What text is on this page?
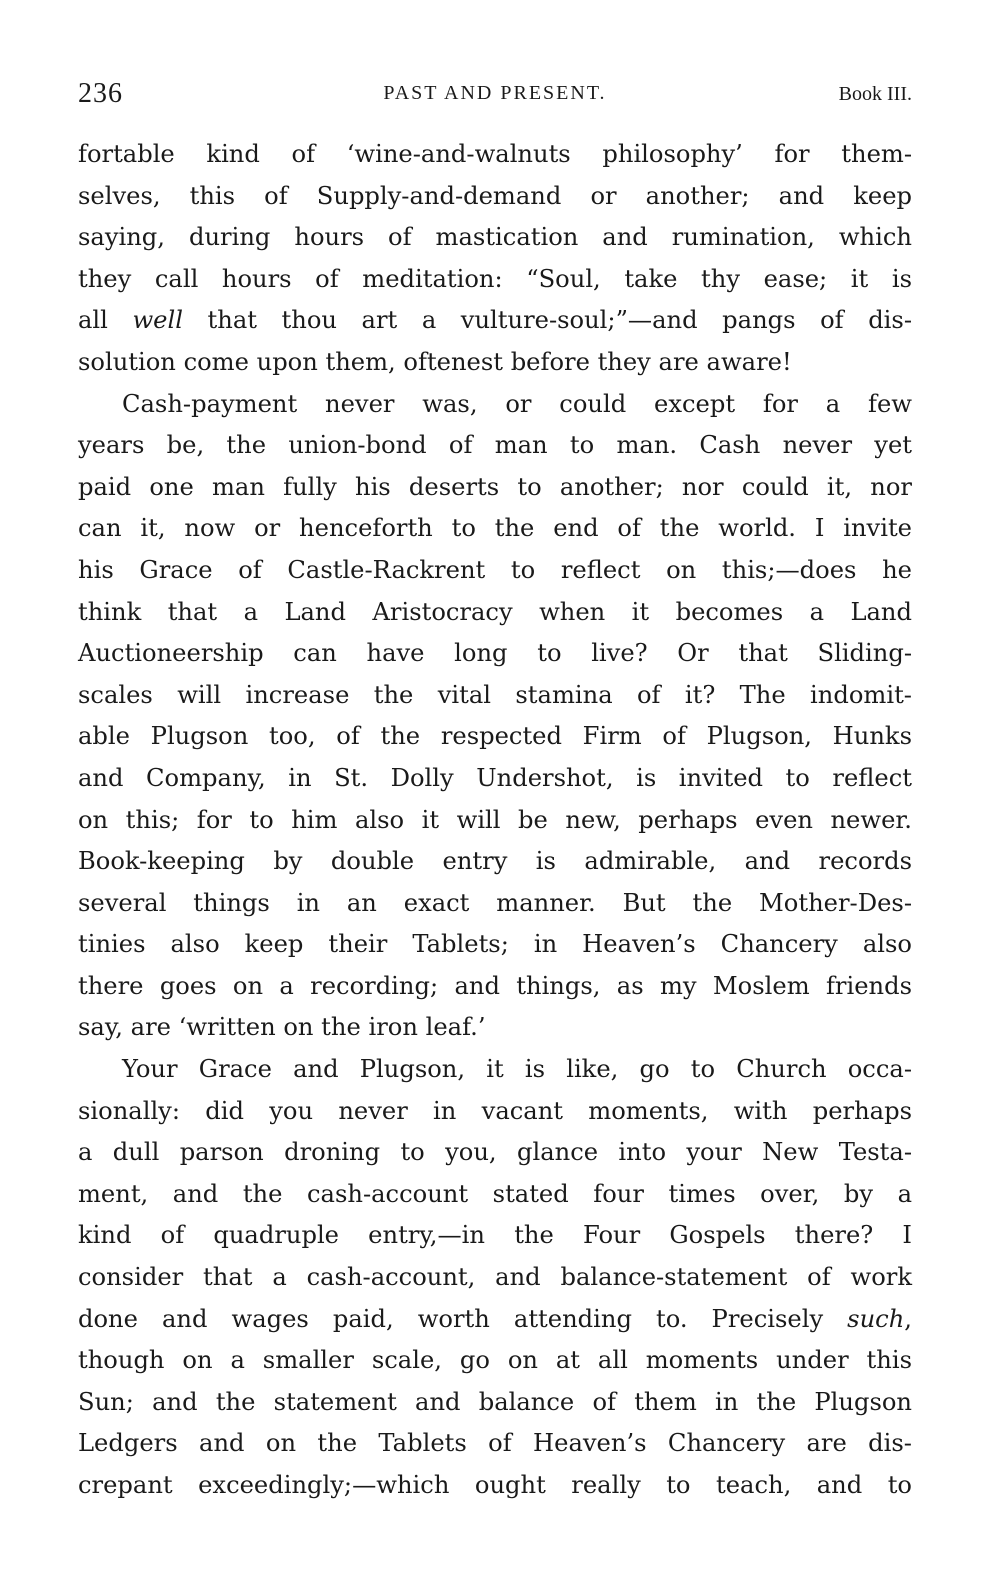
236	PAST AND PRESENT.	Book III.
fortable kind of ‘wine-and-walnuts philosophy’ for them-
selves, this of Supply-and-demand or another; and keep
saying, during hours of mastication and rumination, which
they call hours of meditation: “Soul, take thy ease; it is
all well that thou art a vulture-soul;”—and pangs of dis-
solution come upon them, oftenest before they are aware!
Cash-payment never was, or could except for a few
years be, the union-bond of man to man. Cash never yet
paid one man fully his deserts to another; nor could it, nor
can it, now or henceforth to the end of the world. I invite
his Grace of Castle-Rackrent to reflect on this;—does he
think that a Land Aristocracy when it becomes a Land
Auctioneership can have long to live? Or that Sliding-
scales will increase the vital stamina of it? The indomit-
able Plugson too, of the respected Firm of Plugson, Hunks
and Company, in St. Dolly Undershot, is invited to reflect
on this; for to him also it will be new, perhaps even newer.
Book-keeping by double entry is admirable, and records
several things in an exact manner. But the Mother-Des-
tinies also keep their Tablets; in Heaven’s Chancery also
there goes on a recording; and things, as my Moslem friends
say, are ‘written on the iron leaf.’
Your Grace and Plugson, it is like, go to Church occa-
sionally: did you never in vacant moments, with perhaps
a dull parson droning to you, glance into your New Testa-
ment, and the cash-account stated four times over, by a
kind of quadruple entry,—in the Four Gospels there? I
consider that a cash-account, and balance-statement of work
done and wages paid, worth attending to. Precisely such,
though on a smaller scale, go on at all moments under this
Sun; and the statement and balance of them in the Plugson
Ledgers and on the Tablets of Heaven’s Chancery are dis-
crepant exceedingly;—which ought really to teach, and to
